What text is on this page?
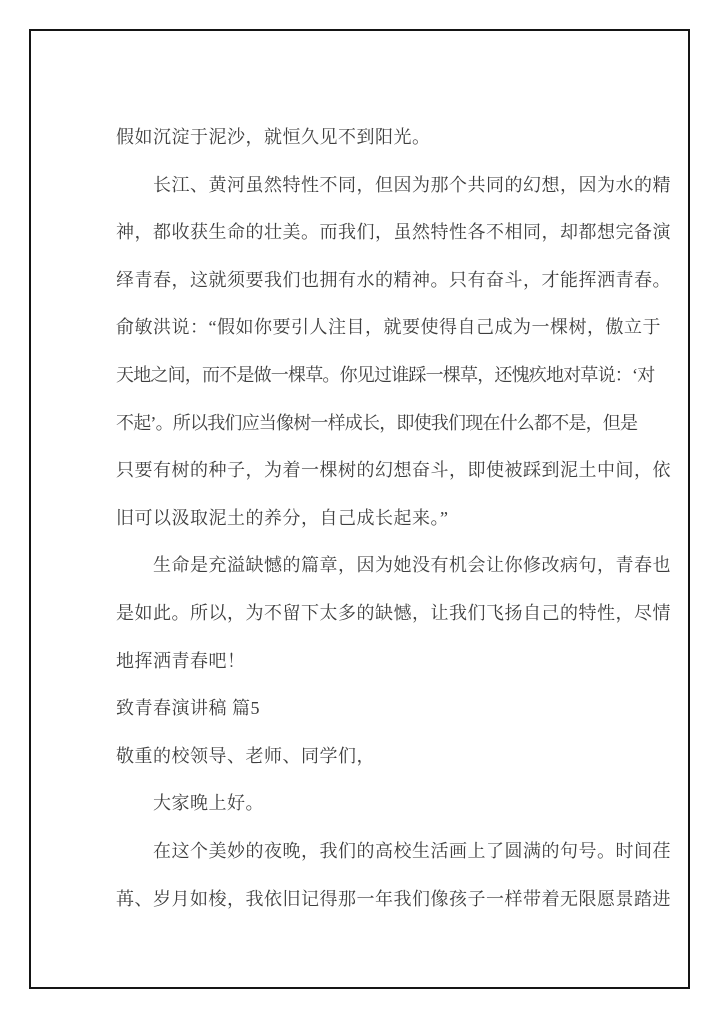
假如沉淀于泥沙，就恒久见不到阳光。
长江、黄河虽然特性不同，但因为那个共同的幻想，因为水的精
神，都收获生命的壮美。而我们，虽然特性各不相同，却都想完备演
绎青春，这就须要我们也拥有水的精神。只有奋斗，才能挥洒青春。
俞敏洪说：“假如你要引人注目，就要使得自己成为一棵树，傲立于
天地之间，而不是做一棵草。你见过谁踩一棵草，还愧疚地对草说：‘对
不起’。所以我们应当像树一样成长，即使我们现在什么都不是，但是
只要有树的种子，为着一棵树的幻想奋斗，即使被踩到泥土中间，依
旧可以汲取泥土的养分，自己成长起来。”
生命是充溢缺憾的篇章，因为她没有机会让你修改病句，青春也
是如此。所以，为不留下太多的缺憾，让我们飞扬自己的特性，尽情
地挥洒青春吧！
致青春演讲稿 篇5
敬重的校领导、老师、同学们，
大家晚上好。
在这个美妙的夜晚，我们的高校生活画上了圆满的句号。时间荏
苒、岁月如梭，我依旧记得那一年我们像孩子一样带着无限愿景踏进
